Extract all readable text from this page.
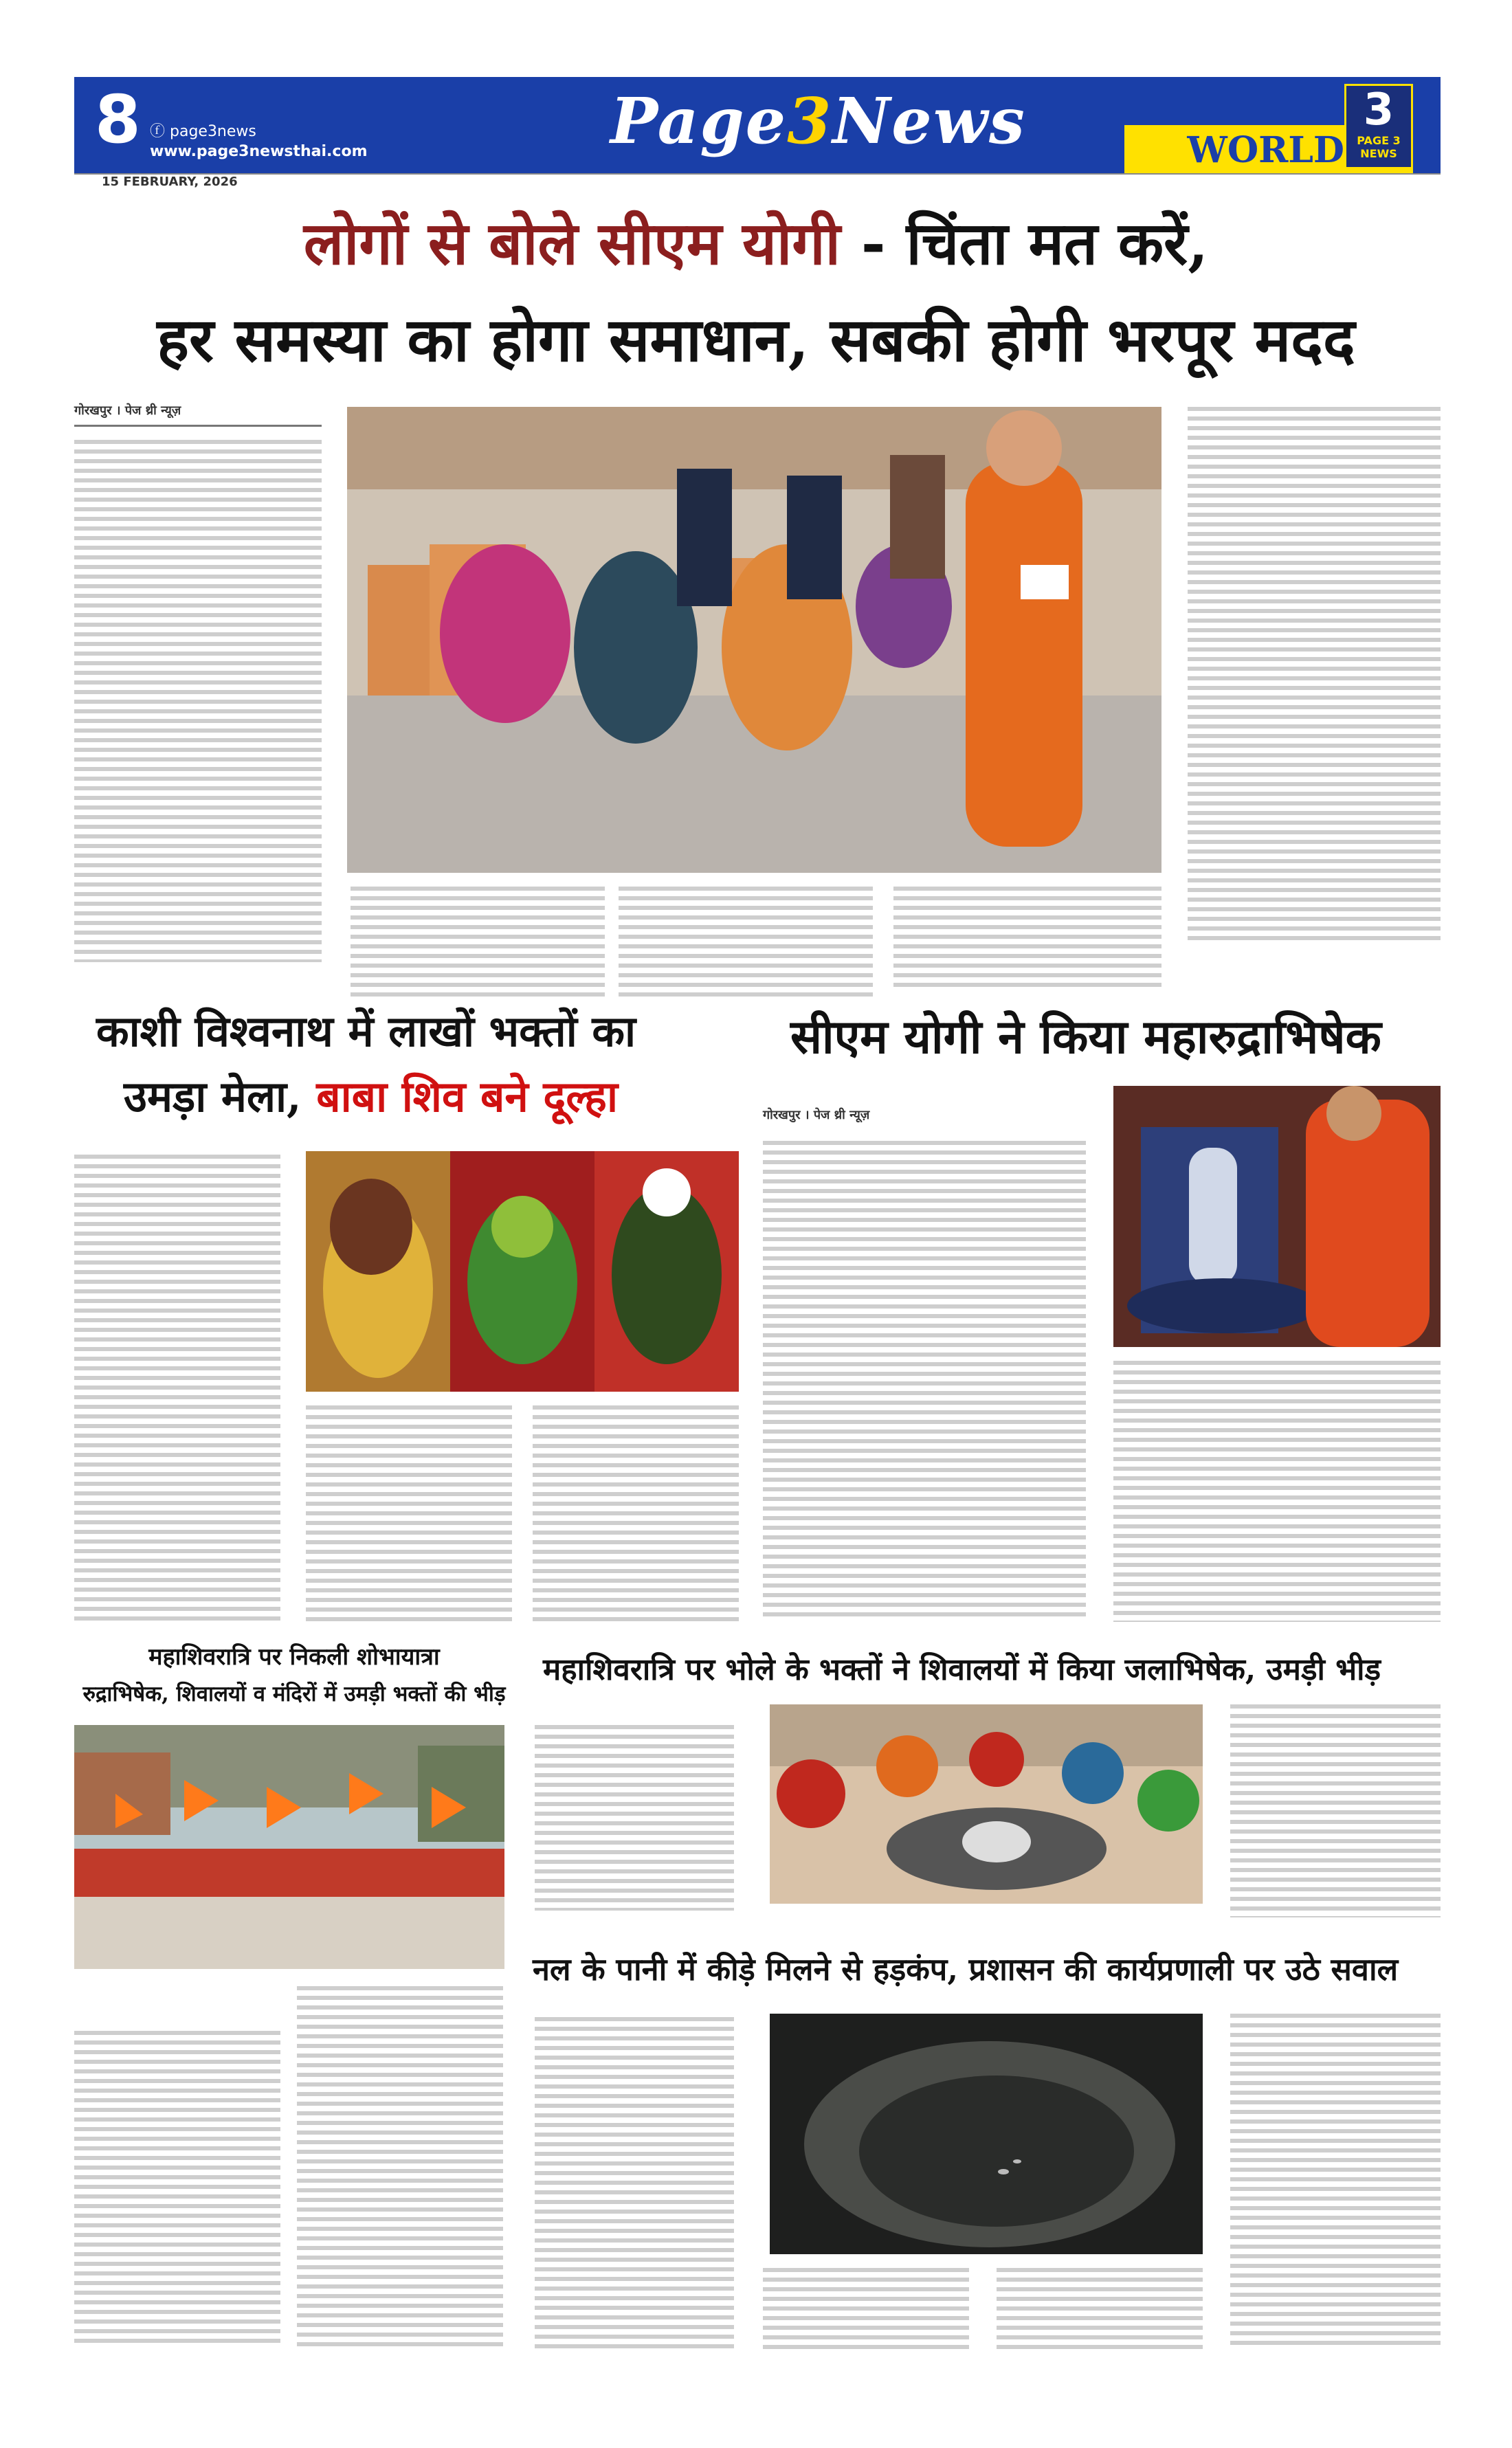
8 ⓕ page3news
www.page3newsthai.com	Page3News	WORLD
3
PAGE 3 NEWS
15 FEBRUARY, 2026
लोगों से बोले सीएम योगी - चिंता मत करें,
हर समस्या का होगा समाधान, सबकी होगी भरपूर मदद
गोरखपुर । पेज थ्री न्यूज़
काशी विश्वनाथ में लाखों भक्तों का
उमड़ा मेला, बाबा शिव बने दूल्हा
सीएम योगी ने किया महारुद्राभिषेक
गोरखपुर । पेज थ्री न्यूज़
महाशिवरात्रि पर निकली शोभायात्रा
रुद्राभिषेक, शिवालयों व मंदिरों में उमड़ी भक्तों की भीड़
महाशिवरात्रि पर भोले के भक्तों ने शिवालयों में किया जलाभिषेक, उमड़ी भीड़
नल के पानी में कीड़े मिलने से हड़कंप, प्रशासन की कार्यप्रणाली पर उठे सवाल
